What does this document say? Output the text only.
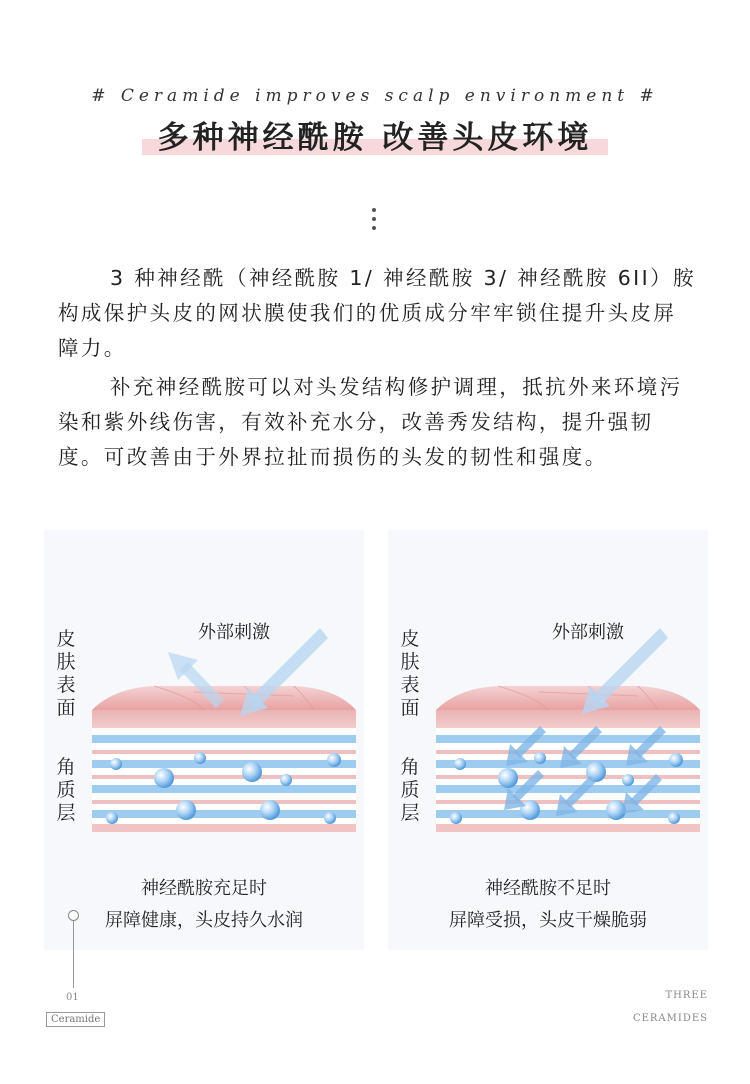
# Ceramide improves scalp environment #
多种神经酰胺 改善头皮环境
3 种神经酰（神经酰胺 1/ 神经酰胺 3/ 神经酰胺 6II）胺构成保护头皮的网状膜使我们的优质成分牢牢锁住提升头皮屏障力。
补充神经酰胺可以对头发结构修护调理，抵抗外来环境污染和紫外线伤害，有效补充水分，改善秀发结构，提升强韧度。可改善由于外界拉扯而损伤的头发的韧性和强度。
皮肤表面
角质层
外部刺激
神经酰胺充足时
屏障健康，头皮持久水润
皮肤表面
角质层
外部刺激
神经酰胺不足时
屏障受损，头皮干燥脆弱
01
Ceramide
THREE
CERAMIDES
